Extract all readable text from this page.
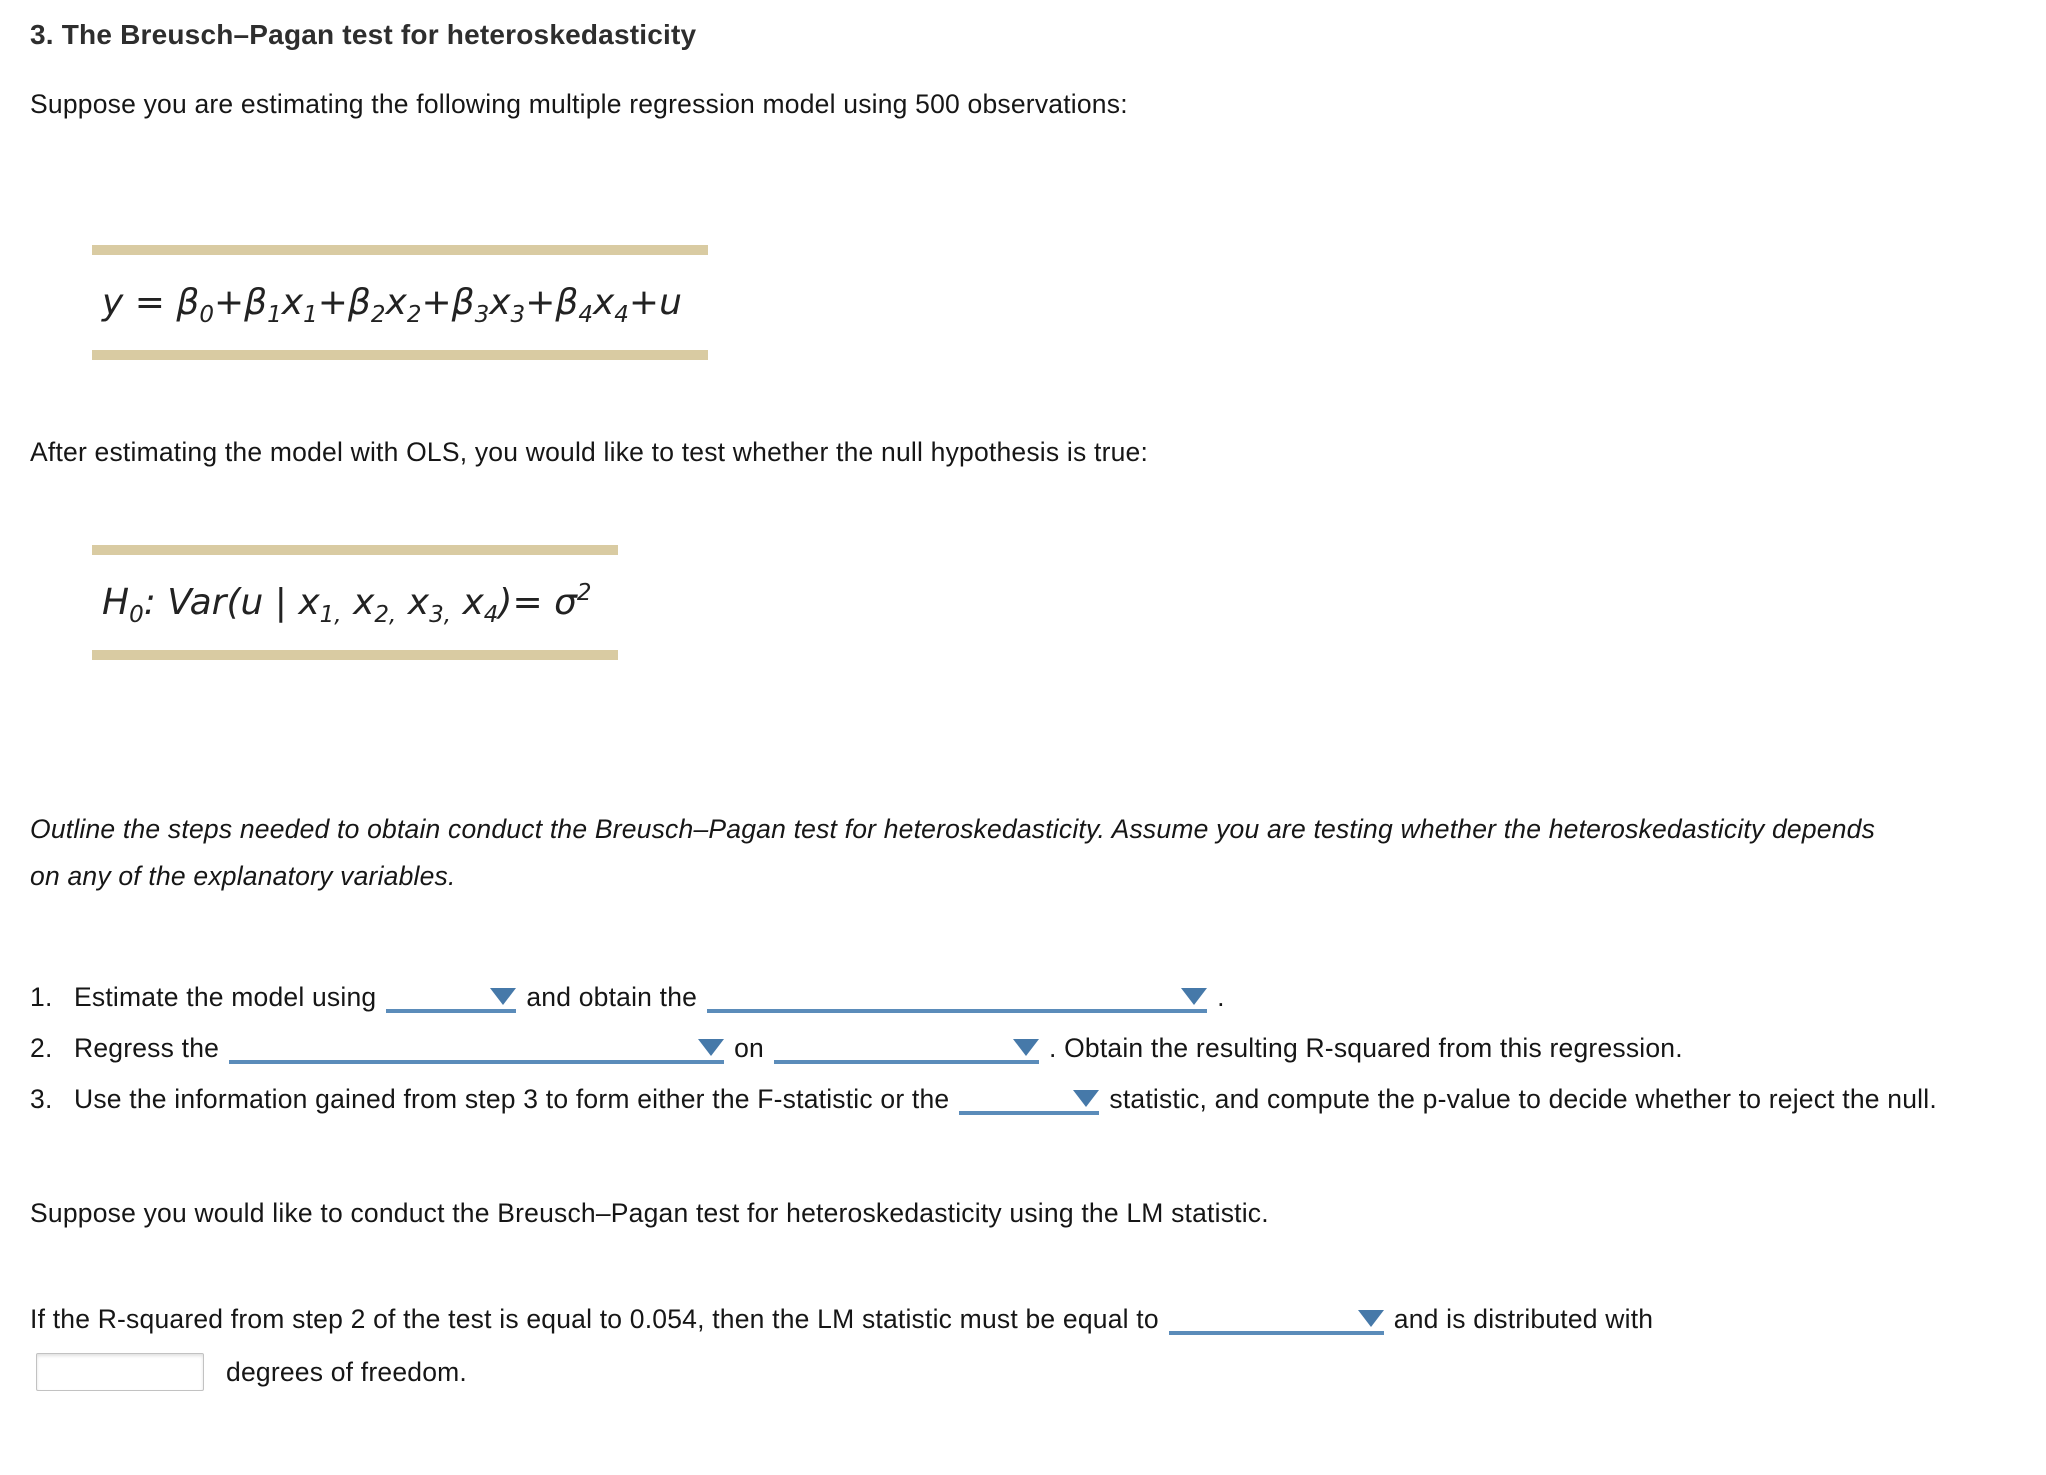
3. The Breusch–Pagan test for heteroskedasticity

Suppose you are estimating the following multiple regression model using 500 observations:

$y = \beta_0+\beta_1x_1+\beta_2x_2+\beta_3x_3+\beta_4x_4+u$

After estimating the model with OLS, you would like to test whether the null hypothesis is true:

$H_0$: Var(u | $x_{1,}$ $x_{2,}$ $x_{3,}$ $x_4)= \sigma^2$

Outline the steps needed to obtain conduct the Breusch–Pagan test for heteroskedasticity. Assume you are testing whether the heteroskedasticity depends on any of the explanatory variables.

1. Estimate the model using	and obtain the	.
2. Regress the	on	. Obtain the resulting R-squared from this regression.
3. Use the information gained from step 3 to form either the F-statistic or the	statistic, and compute the p-value to decide whether to reject the null.

Suppose you would like to conduct the Breusch–Pagan test for heteroskedasticity using the LM statistic.

If the R-squared from step 2 of the test is equal to 0.054, then the LM statistic must be equal to	and is distributed with

degrees of freedom.
